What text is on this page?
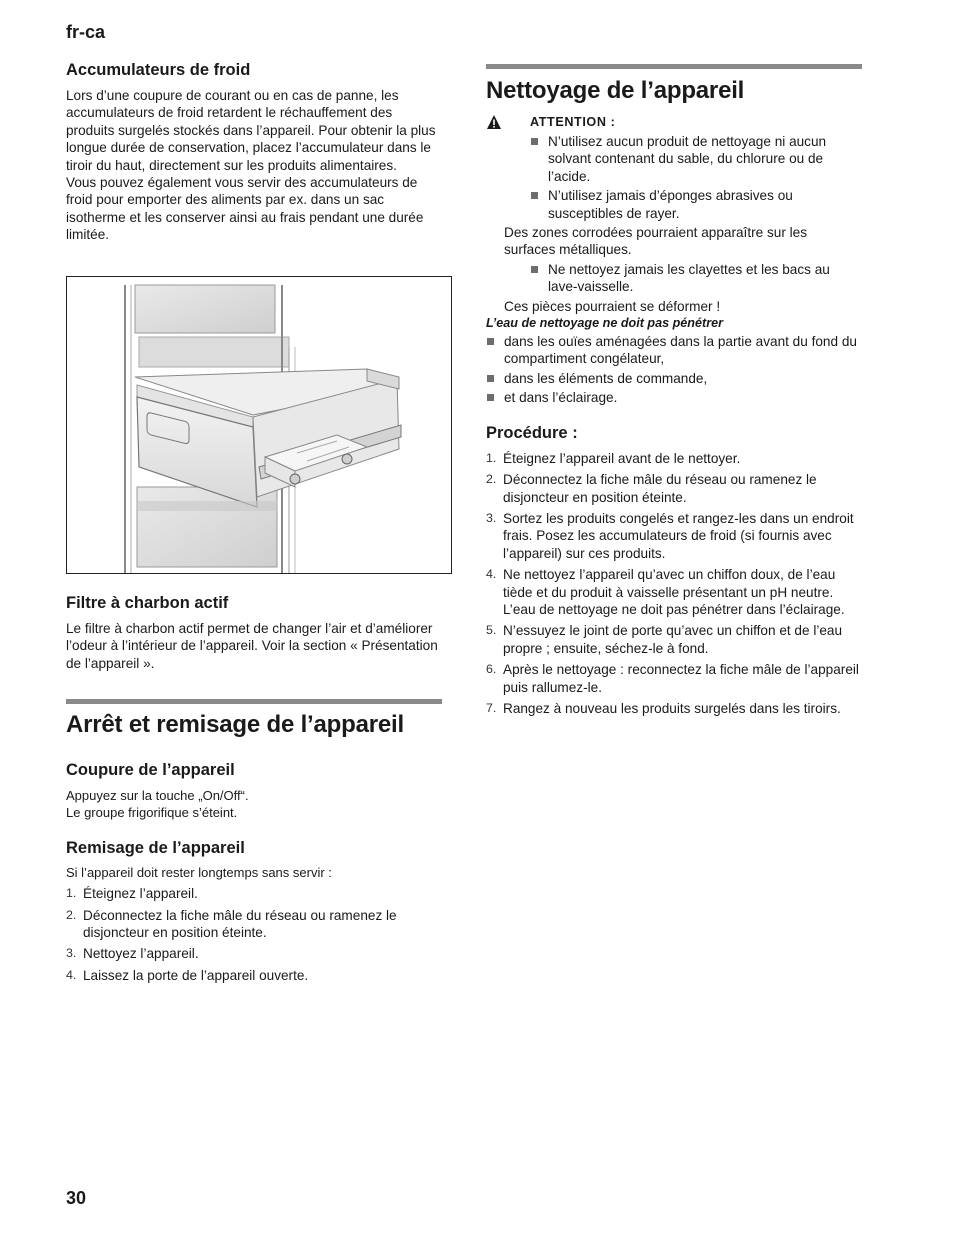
fr-ca
Accumulateurs de froid

Lors d’une coupure de courant ou en cas de panne, les accumulateurs de froid retardent le réchauffement des produits surgelés stockés dans l’appareil. Pour obtenir la plus longue durée de conservation, placez l’accumulateur dans le tiroir du haut, directement sur les produits alimentaires.

Vous pouvez également vous servir des accumulateurs de froid pour emporter des aliments par ex. dans un sac isotherme et les conserver ainsi au frais pendant une durée limitée.

Filtre à charbon actif

Le filtre à charbon actif permet de changer l’air et d’améliorer l’odeur à l’intérieur de l’appareil. Voir la section « Présentation de l’appareil ».

Arrêt et remisage de l’appareil
Coupure de l’appareil

Appuyez sur la touche „On/Off“.

Le groupe frigorifique s’éteint.

Remisage de l’appareil

Si l’appareil doit rester longtemps sans servir :

1. Éteignez l’appareil.
2. Déconnectez la fiche mâle du réseau ou ramenez le disjoncteur en position éteinte.
3. Nettoyez l’appareil.
4. Laissez la porte de l’appareil ouverte.
Nettoyage de l’appareil
ATTENTION :
N’utilisez aucun produit de nettoyage ni aucun solvant contenant du sable, du chlorure ou de l’acide.
N’utilisez jamais d’éponges abrasives ou susceptibles de rayer.

Des zones corrodées pourraient apparaître sur les surfaces métalliques.

Ne nettoyez jamais les clayettes et les bacs au lave-vaisselle.

Ces pièces pourraient se déformer !

L’eau de nettoyage ne doit pas pénétrer
dans les ouïes aménagées dans la partie avant du fond du compartiment congélateur,
dans les éléments de commande,
et dans l’éclairage.
Procédure :
1. Éteignez l’appareil avant de le nettoyer.
2. Déconnectez la fiche mâle du réseau ou ramenez le disjoncteur en position éteinte.
3. Sortez les produits congelés et rangez-les dans un endroit frais. Posez les accumulateurs de froid (si fournis avec l’appareil) sur ces produits.
4. Ne nettoyez l’appareil qu’avec un chiffon doux, de l’eau tiède et du produit à vaisselle présentant un pH neutre. L’eau de nettoyage ne doit pas pénétrer dans l’éclairage.
5. N’essuyez le joint de porte qu’avec un chiffon et de l’eau propre ; ensuite, séchez-le à fond.
6. Après le nettoyage : reconnectez la fiche mâle de l’appareil puis rallumez-le.
7. Rangez à nouveau les produits surgelés dans les tiroirs.
30
